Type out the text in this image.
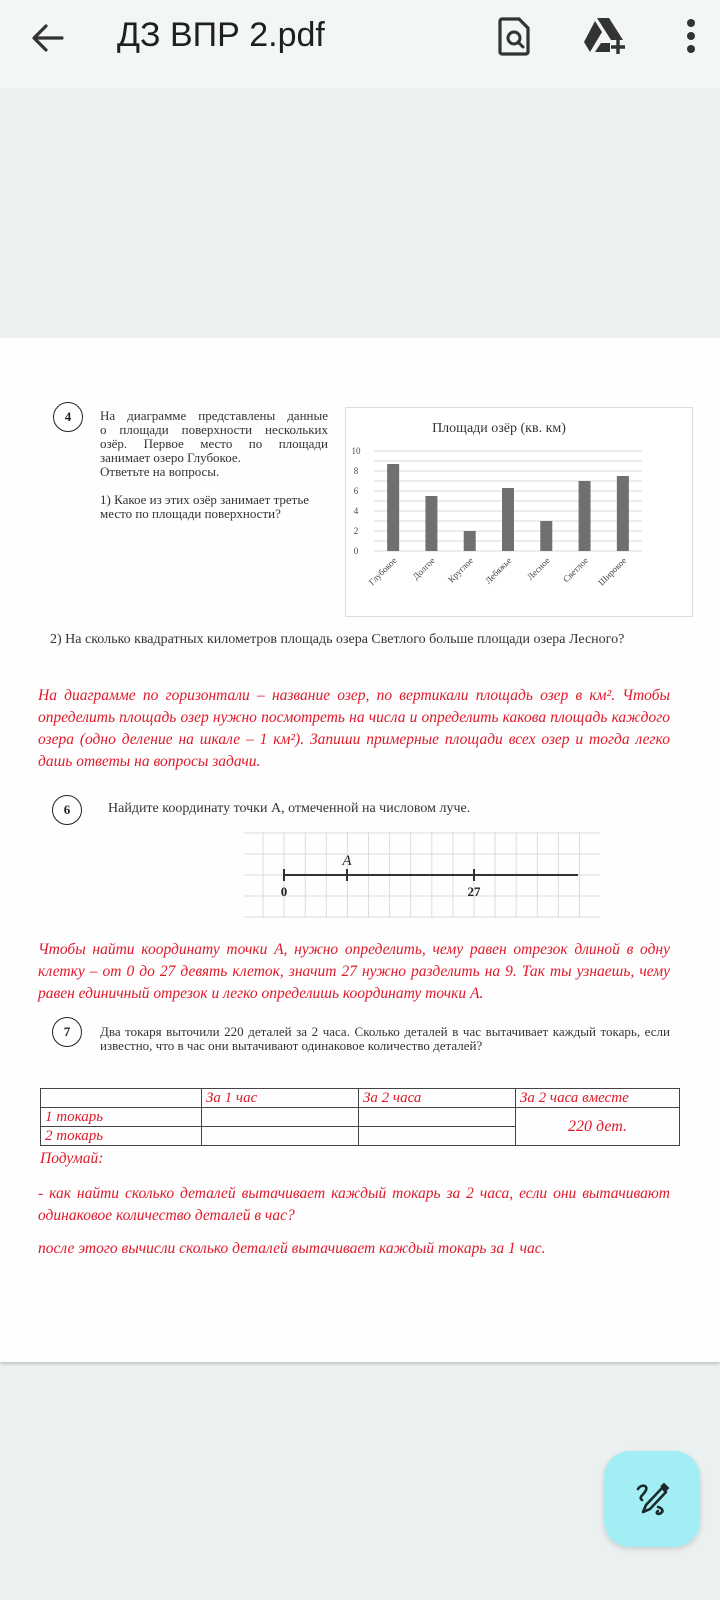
ДЗ ВПР 2.pdf
4	На диаграмме представлены данные
о площади поверхности нескольких
озёр. Первое место по площади
занимает озеро Глубокое.
Ответьте на вопросы.
1) Какое из этих озёр занимает третье
место по площади поверхности?
Площади озёр (кв. км)
0
2
4
6
8
10
Глубокое Долгое Круглое Лебяжье Лесное Светлое Широкое
2) На сколько квадратных километров площадь озера Светлого больше площади озера Лесного?
На диаграмме по горизонтали – название озер, по вертикали площадь озер в км². Чтобы определить площадь озер нужно посмотреть на числа и определить какова площадь каждого озера (одно деление на шкале – 1 км²). Запиши примерные площади всех озер и тогда легко дашь ответы на вопросы задачи.
6	Найдите координату точки A, отмеченной на числовом луче.
A
0	27
Чтобы найти координату точки А, нужно определить, чему равен отрезок длиной в одну клетку – от 0 до 27 девять клеток, значит 27 нужно разделить на 9. Так ты узнаешь, чему равен единичный отрезок и легко определишь координату точки А.
7	Два токаря выточили 220 деталей за 2 часа. Сколько деталей в час вытачивает каждый токарь, если известно, что в час они вытачивают одинаковое количество деталей?
	За 1 час	За 2 часа	За 2 часа вместе
1 токарь			220 дет.
2 токарь			
Подумай:
- как найти сколько деталей вытачивает каждый токарь за 2 часа, если они вытачивают одинаковое количество деталей в час?
после этого вычисли сколько деталей вытачивает каждый токарь за 1 час.
